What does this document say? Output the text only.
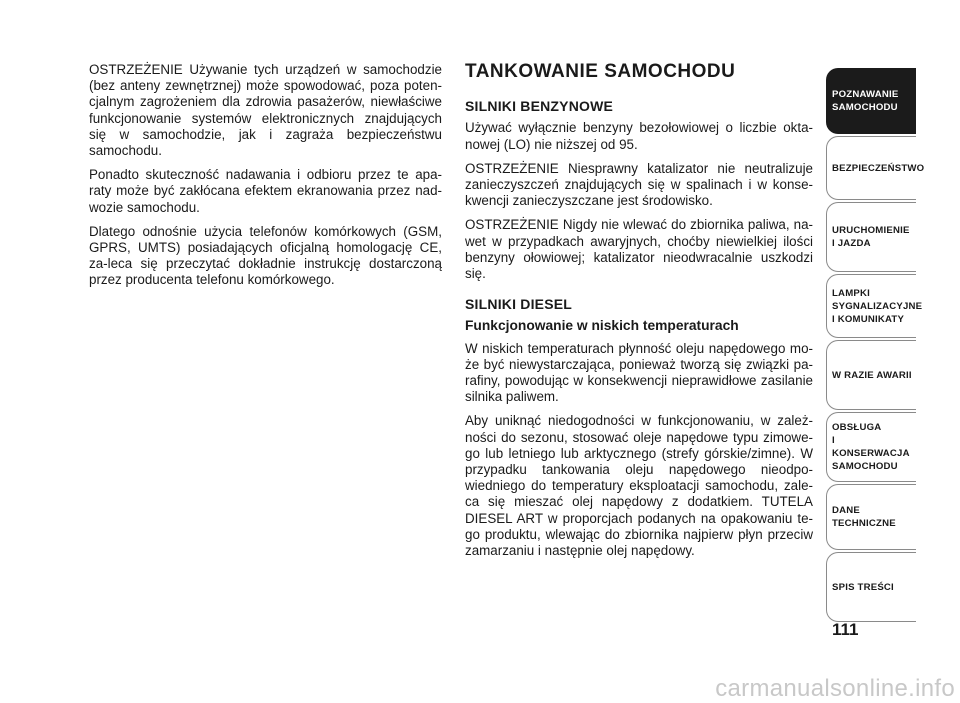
OSTRZEŻENIE Używanie tych urządzeń w samochodzie (bez anteny zewnętrznej) może spowodować, poza poten-cjalnym zagrożeniem dla zdrowia pasażerów, niewłaściwe funkcjonowanie systemów elektronicznych znajdujących się w samochodzie, jak i zagraża bezpieczeństwu samochodu.

Ponadto skuteczność nadawania i odbioru przez te apa-raty może być zakłócana efektem ekranowania przez nad-wozie samochodu.

Dlatego odnośnie użycia telefonów komórkowych (GSM, GPRS, UMTS) posiadających oficjalną homologację CE, za-leca się przeczytać dokładnie instrukcję dostarczoną przez producenta telefonu komórkowego.

TANKOWANIE SAMOCHODU
SILNIKI BENZYNOWE

Używać wyłącznie benzyny bezołowiowej o liczbie okta-nowej (LO) nie niższej od 95.

OSTRZEŻENIE Niesprawny katalizator nie neutralizuje zanieczyszczeń znajdujących się w spalinach i w konse-kwencji zanieczyszczane jest środowisko.

OSTRZEŻENIE Nigdy nie wlewać do zbiornika paliwa, na-wet w przypadkach awaryjnych, choćby niewielkiej ilości benzyny ołowiowej; katalizator nieodwracalnie uszkodzi się.

SILNIKI DIESEL
Funkcjonowanie w niskich temperaturach

W niskich temperaturach płynność oleju napędowego mo-że być niewystarczająca, ponieważ tworzą się związki pa-rafiny, powodując w konsekwencji nieprawidłowe zasilanie silnika paliwem.

Aby uniknąć niedogodności w funkcjonowaniu, w zależ-ności do sezonu, stosować oleje napędowe typu zimowe-go lub letniego lub arktycznego (strefy górskie/zimne). W przypadku tankowania oleju napędowego nieodpo-wiedniego do temperatury eksploatacji samochodu, zale-ca się mieszać olej napędowy z dodatkiem. TUTELA DIESEL ART w proporcjach podanych na opakowaniu te-go produktu, wlewając do zbiornika najpierw płyn przeciw zamarzaniu i następnie olej napędowy.

POZNAWANIE
SAMOCHODU
BEZPIECZEŃSTWO
URUCHOMIENIE
I JAZDA
LAMPKI
SYGNALIZACYJNE
I KOMUNIKATY
W RAZIE AWARII
OBSŁUGA
I KONSERWACJA
SAMOCHODU
DANE
TECHNICZNE
SPIS TREŚCI
111
carmanualsonline.info
